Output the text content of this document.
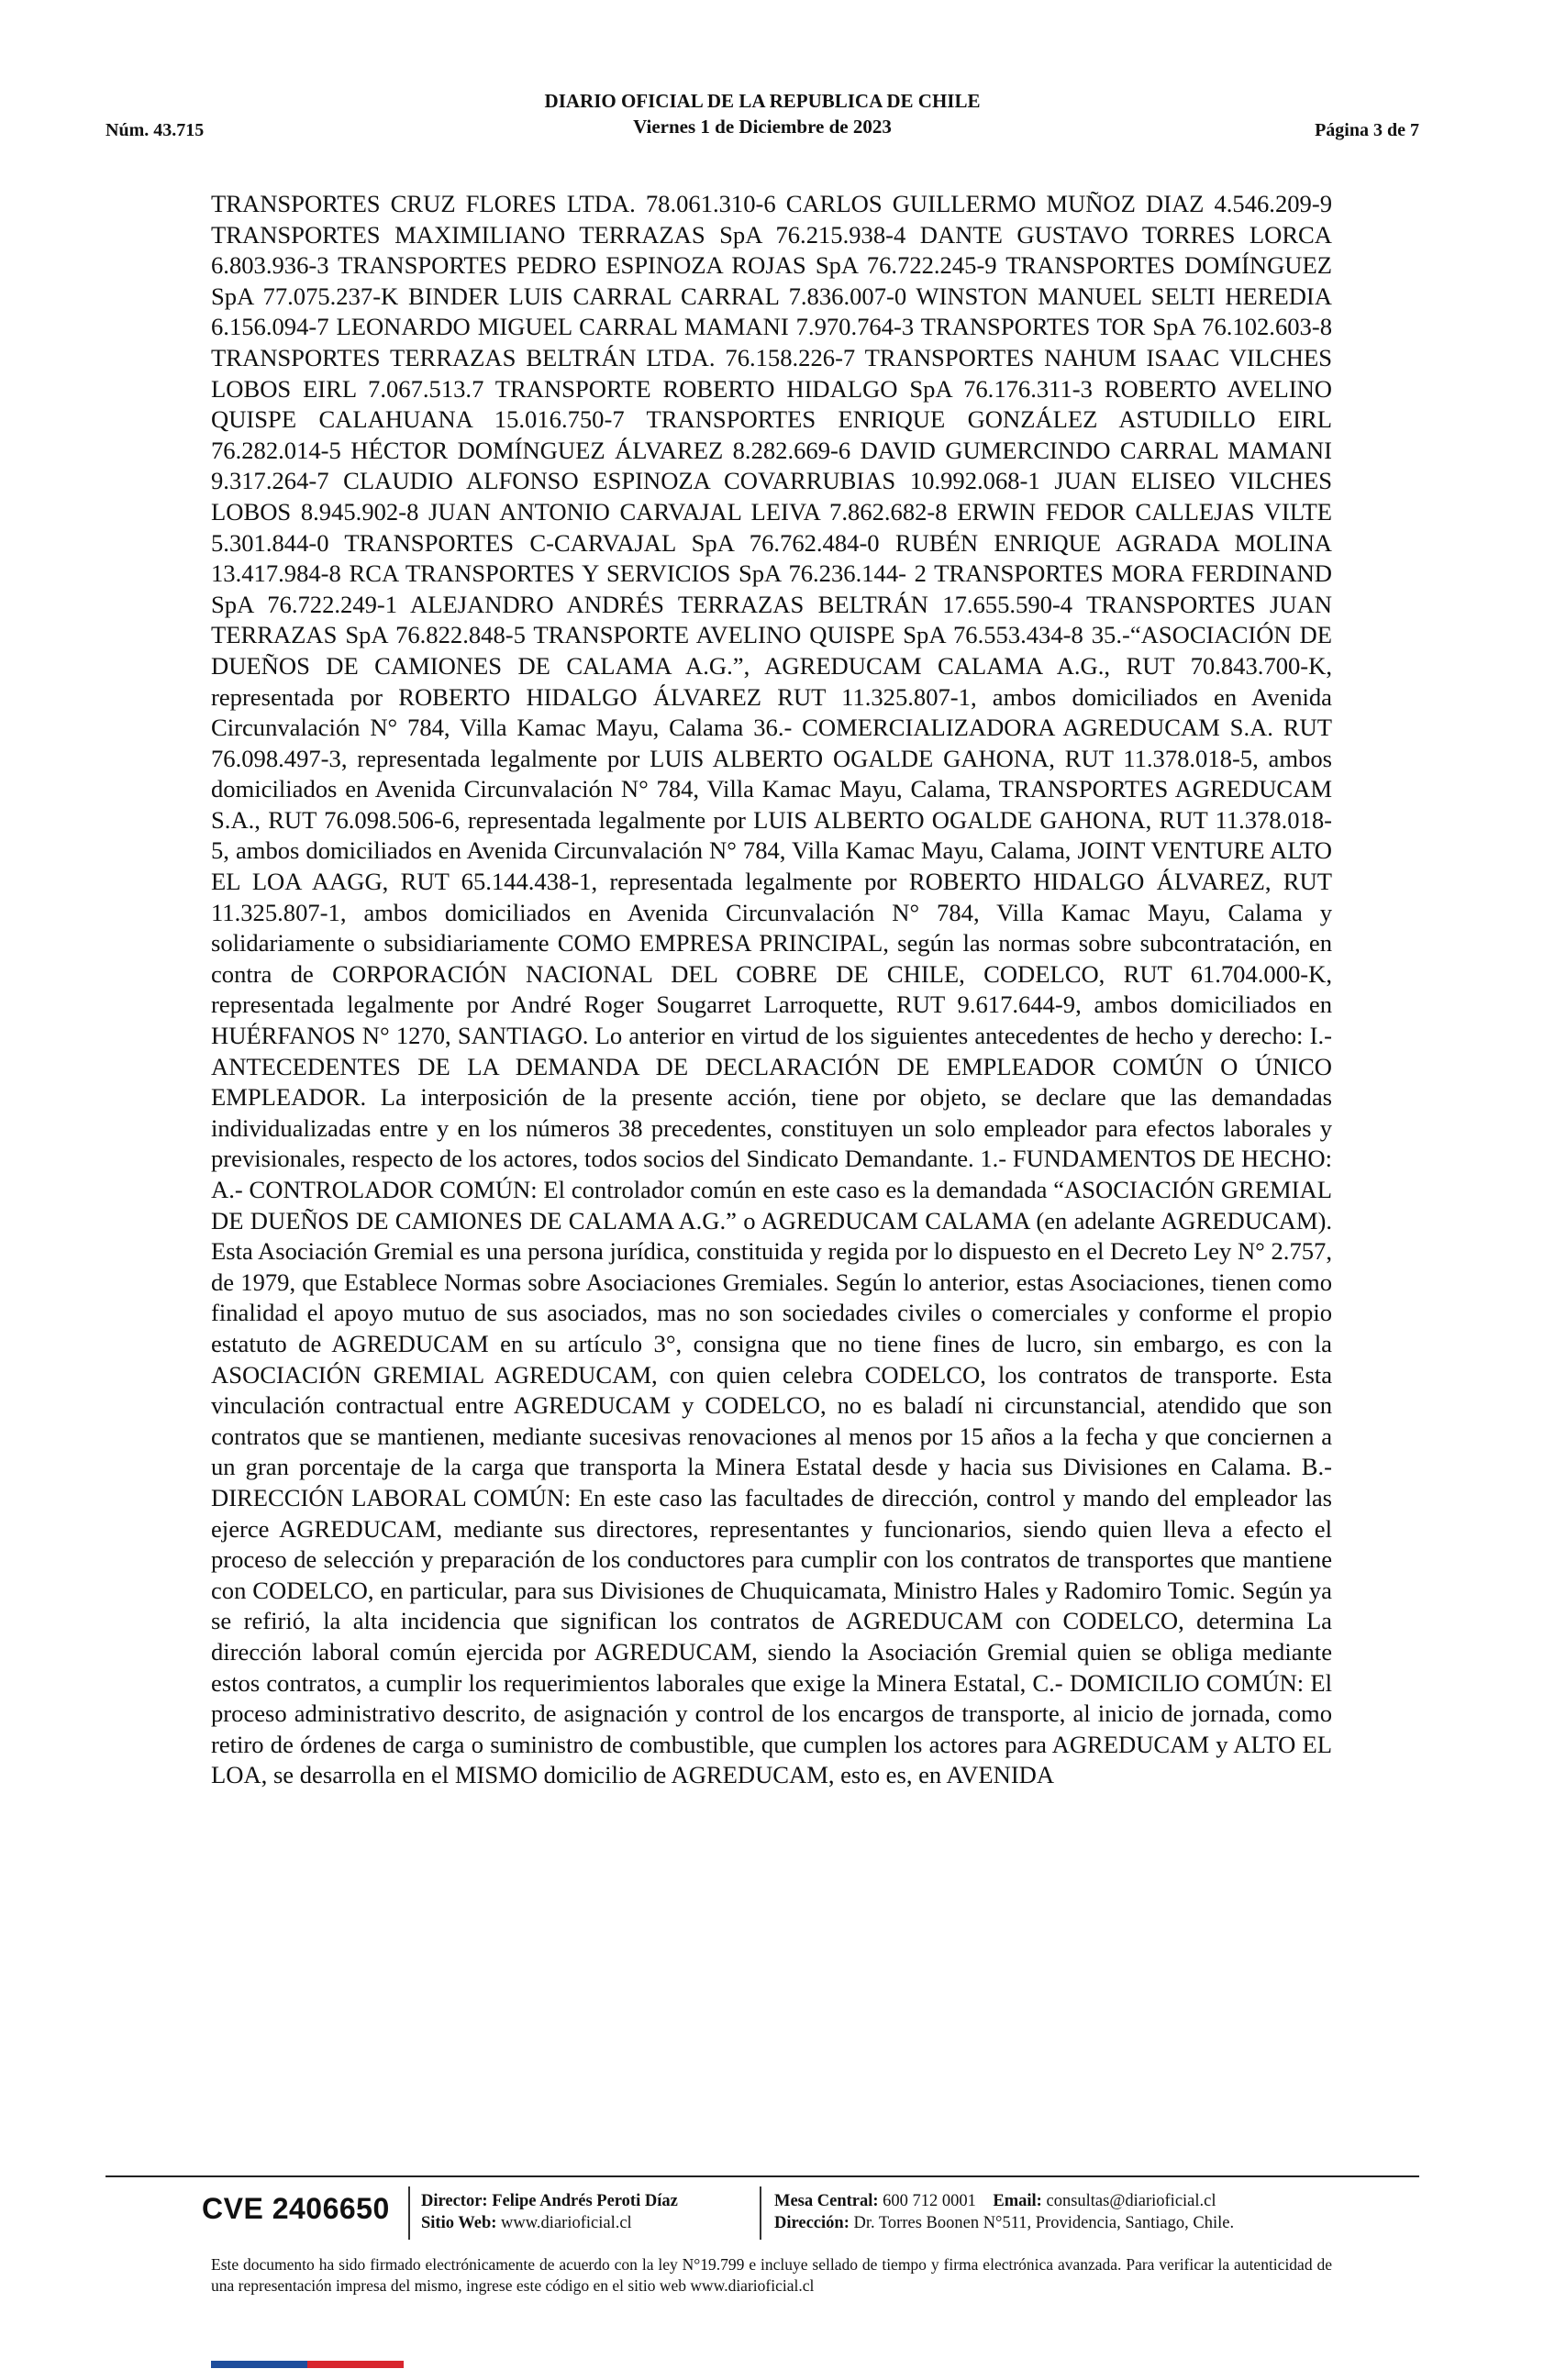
Núm. 43.715
DIARIO OFICIAL DE LA REPUBLICA DE CHILE
Viernes 1 de Diciembre de 2023	Página 3 de 7
TRANSPORTES CRUZ FLORES LTDA. 78.061.310-6 CARLOS GUILLERMO MUÑOZ DIAZ 4.546.209-9 TRANSPORTES MAXIMILIANO TERRAZAS SpA 76.215.938-4 DANTE GUSTAVO TORRES LORCA 6.803.936-3 TRANSPORTES PEDRO ESPINOZA ROJAS SpA 76.722.245-9 TRANSPORTES DOMÍNGUEZ SpA 77.075.237-K BINDER LUIS CARRAL CARRAL 7.836.007-0 WINSTON MANUEL SELTI HEREDIA 6.156.094-7 LEONARDO MIGUEL CARRAL MAMANI 7.970.764-3 TRANSPORTES TOR SpA 76.102.603-8 TRANSPORTES TERRAZAS BELTRÁN LTDA. 76.158.226-7 TRANSPORTES NAHUM ISAAC VILCHES LOBOS EIRL 7.067.513.7 TRANSPORTE ROBERTO HIDALGO SpA 76.176.311-3 ROBERTO AVELINO QUISPE CALAHUANA 15.016.750-7 TRANSPORTES ENRIQUE GONZÁLEZ ASTUDILLO EIRL 76.282.014-5 HÉCTOR DOMÍNGUEZ ÁLVAREZ 8.282.669-6 DAVID GUMERCINDO CARRAL MAMANI 9.317.264-7 CLAUDIO ALFONSO ESPINOZA COVARRUBIAS 10.992.068-1 JUAN ELISEO VILCHES LOBOS 8.945.902-8 JUAN ANTONIO CARVAJAL LEIVA 7.862.682-8 ERWIN FEDOR CALLEJAS VILTE 5.301.844-0 TRANSPORTES C-CARVAJAL SpA 76.762.484-0 RUBÉN ENRIQUE AGRADA MOLINA 13.417.984-8 RCA TRANSPORTES Y SERVICIOS SpA 76.236.144- 2 TRANSPORTES MORA FERDINAND SpA 76.722.249-1 ALEJANDRO ANDRÉS TERRAZAS BELTRÁN 17.655.590-4 TRANSPORTES JUAN TERRAZAS SpA 76.822.848-5 TRANSPORTE AVELINO QUISPE SpA 76.553.434-8 35.-“ASOCIACIÓN DE DUEÑOS DE CAMIONES DE CALAMA A.G.”, AGREDUCAM CALAMA A.G., RUT 70.843.700-K, representada por ROBERTO HIDALGO ÁLVAREZ RUT 11.325.807-1, ambos domiciliados en Avenida Circunvalación N° 784, Villa Kamac Mayu, Calama 36.- COMERCIALIZADORA AGREDUCAM S.A. RUT 76.098.497-3, representada legalmente por LUIS ALBERTO OGALDE GAHONA, RUT 11.378.018-5, ambos domiciliados en Avenida Circunvalación N° 784, Villa Kamac Mayu, Calama, TRANSPORTES AGREDUCAM S.A., RUT 76.098.506-6, representada legalmente por LUIS ALBERTO OGALDE GAHONA, RUT 11.378.018-5, ambos domiciliados en Avenida Circunvalación N° 784, Villa Kamac Mayu, Calama, JOINT VENTURE ALTO EL LOA AAGG, RUT 65.144.438-1, representada legalmente por ROBERTO HIDALGO ÁLVAREZ, RUT 11.325.807-1, ambos domiciliados en Avenida Circunvalación N° 784, Villa Kamac Mayu, Calama y solidariamente o subsidiariamente COMO EMPRESA PRINCIPAL, según las normas sobre subcontratación, en contra de CORPORACIÓN NACIONAL DEL COBRE DE CHILE, CODELCO, RUT 61.704.000-K, representada legalmente por André Roger Sougarret Larroquette, RUT 9.617.644-9, ambos domiciliados en HUÉRFANOS N° 1270, SANTIAGO. Lo anterior en virtud de los siguientes antecedentes de hecho y derecho: I.- ANTECEDENTES DE LA DEMANDA DE DECLARACIÓN DE EMPLEADOR COMÚN O ÚNICO EMPLEADOR. La interposición de la presente acción, tiene por objeto, se declare que las demandadas individualizadas entre y en los números 38 precedentes, constituyen un solo empleador para efectos laborales y previsionales, respecto de los actores, todos socios del Sindicato Demandante. 1.- FUNDAMENTOS DE HECHO: A.- CONTROLADOR COMÚN: El controlador común en este caso es la demandada “ASOCIACIÓN GREMIAL DE DUEÑOS DE CAMIONES DE CALAMA A.G.” o AGREDUCAM CALAMA (en adelante AGREDUCAM). Esta Asociación Gremial es una persona jurídica, constituida y regida por lo dispuesto en el Decreto Ley N° 2.757, de 1979, que Establece Normas sobre Asociaciones Gremiales. Según lo anterior, estas Asociaciones, tienen como finalidad el apoyo mutuo de sus asociados, mas no son sociedades civiles o comerciales y conforme el propio estatuto de AGREDUCAM en su artículo 3°, consigna que no tiene fines de lucro, sin embargo, es con la ASOCIACIÓN GREMIAL AGREDUCAM, con quien celebra CODELCO, los contratos de transporte. Esta vinculación contractual entre AGREDUCAM y CODELCO, no es baladí ni circunstancial, atendido que son contratos que se mantienen, mediante sucesivas renovaciones al menos por 15 años a la fecha y que conciernen a un gran porcentaje de la carga que transporta la Minera Estatal desde y hacia sus Divisiones en Calama. B.- DIRECCIÓN LABORAL COMÚN: En este caso las facultades de dirección, control y mando del empleador las ejerce AGREDUCAM, mediante sus directores, representantes y funcionarios, siendo quien lleva a efecto el proceso de selección y preparación de los conductores para cumplir con los contratos de transportes que mantiene con CODELCO, en particular, para sus Divisiones de Chuquicamata, Ministro Hales y Radomiro Tomic. Según ya se refirió, la alta incidencia que significan los contratos de AGREDUCAM con CODELCO, determina La dirección laboral común ejercida por AGREDUCAM, siendo la Asociación Gremial quien se obliga mediante estos contratos, a cumplir los requerimientos laborales que exige la Minera Estatal, C.- DOMICILIO COMÚN: El proceso administrativo descrito, de asignación y control de los encargos de transporte, al inicio de jornada, como retiro de órdenes de carga o suministro de combustible, que cumplen los actores para AGREDUCAM y ALTO EL LOA, se desarrolla en el MISMO domicilio de AGREDUCAM, esto es, en AVENIDA
CVE 2406650 Director: Felipe Andrés Peroti Díaz
Sitio Web: www.diarioficial.cl
Mesa Central: 600 712 0001 Email: consultas@diarioficial.cl
Dirección: Dr. Torres Boonen N°511, Providencia, Santiago, Chile.
Este documento ha sido firmado electrónicamente de acuerdo con la ley N°19.799 e incluye sellado de tiempo y firma electrónica avanzada. Para verificar la autenticidad de una representación impresa del mismo, ingrese este código en el sitio web www.diarioficial.cl
